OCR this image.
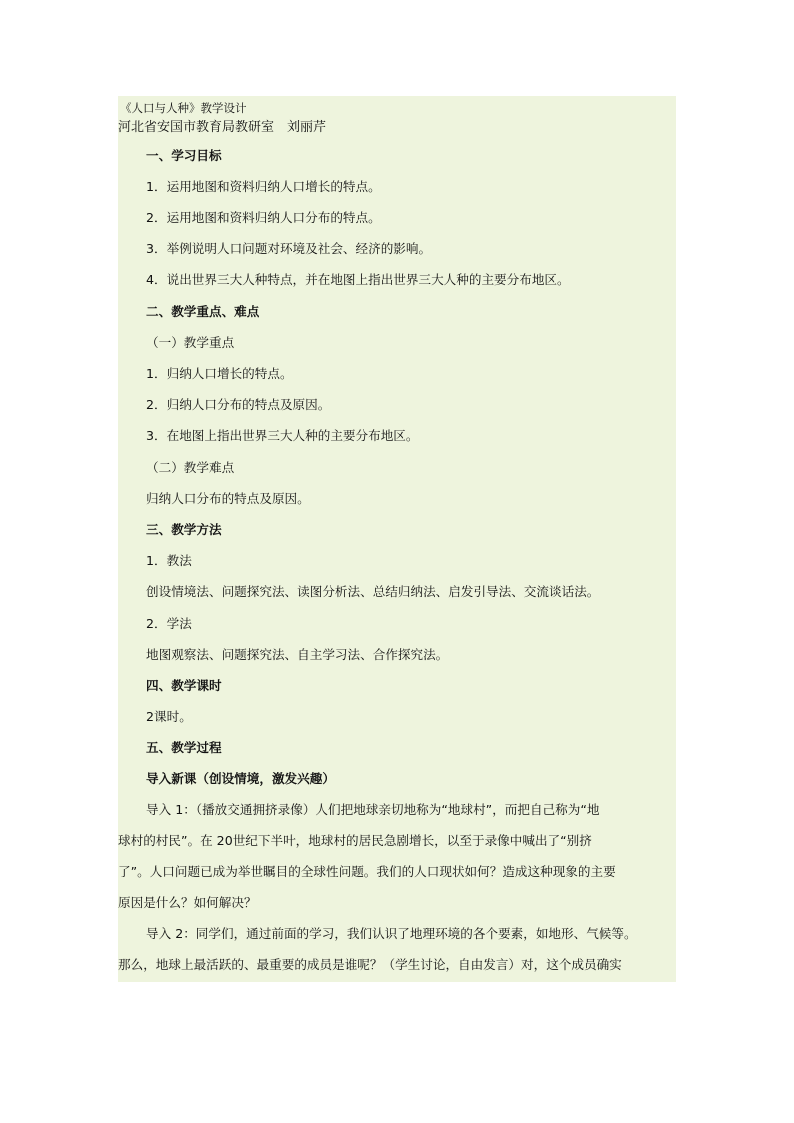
《人口与人种》教学设计
河北省安国市教育局教研室　刘丽芹
一、学习目标
1．运用地图和资料归纳人口增长的特点。
2．运用地图和资料归纳人口分布的特点。
3．举例说明人口问题对环境及社会、经济的影响。
4．说出世界三大人种特点，并在地图上指出世界三大人种的主要分布地区。
二、教学重点、难点
（一）教学重点
1．归纳人口增长的特点。
2．归纳人口分布的特点及原因。
3．在地图上指出世界三大人种的主要分布地区。
（二）教学难点
归纳人口分布的特点及原因。
三、教学方法
1．教法
创设情境法、问题探究法、读图分析法、总结归纳法、启发引导法、交流谈话法。
2．学法
地图观察法、问题探究法、自主学习法、合作探究法。
四、教学课时
2课时。
五、教学过程
导入新课（创设情境，激发兴趣）
导入 1：（播放交通拥挤录像）人们把地球亲切地称为“地球村”，而把自己称为“地
球村的村民”。在 20世纪下半叶，地球村的居民急剧增长，以至于录像中喊出了“别挤
了”。人口问题已成为举世瞩目的全球性问题。我们的人口现状如何？造成这种现象的主要
原因是什么？如何解决？
导入 2：同学们，通过前面的学习，我们认识了地理环境的各个要素，如地形、气候等。
那么，地球上最活跃的、最重要的成员是谁呢？（学生讨论，自由发言）对，这个成员确实
